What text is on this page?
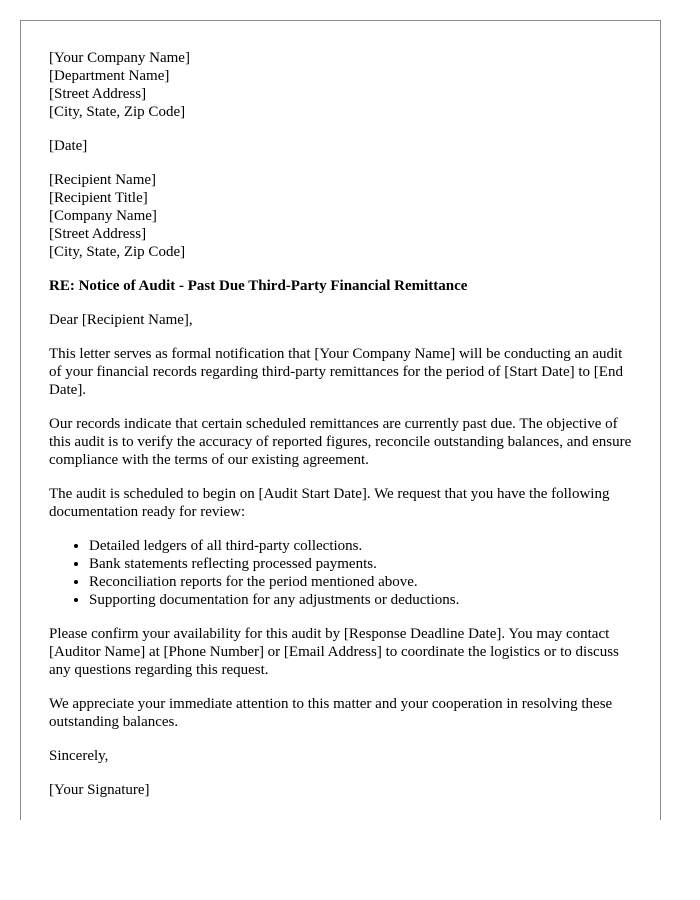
[Your Company Name]
[Department Name]
[Street Address]
[City, State, Zip Code]
[Date]
[Recipient Name]
[Recipient Title]
[Company Name]
[Street Address]
[City, State, Zip Code]
RE: Notice of Audit - Past Due Third-Party Financial Remittance

Dear [Recipient Name],

This letter serves as formal notification that [Your Company Name] will be conducting an audit of your financial records regarding third-party remittances for the period of [Start Date] to [End Date].

Our records indicate that certain scheduled remittances are currently past due. The objective of this audit is to verify the accuracy of reported figures, reconcile outstanding balances, and ensure compliance with the terms of our existing agreement.

The audit is scheduled to begin on [Audit Start Date]. We request that you have the following documentation ready for review:

• Detailed ledgers of all third-party collections.
• Bank statements reflecting processed payments.
• Reconciliation reports for the period mentioned above.
• Supporting documentation for any adjustments or deductions.

Please confirm your availability for this audit by [Response Deadline Date]. You may contact [Auditor Name] at [Phone Number] or [Email Address] to coordinate the logistics or to discuss any questions regarding this request.

We appreciate your immediate attention to this matter and your cooperation in resolving these outstanding balances.

Sincerely,

[Your Signature]
